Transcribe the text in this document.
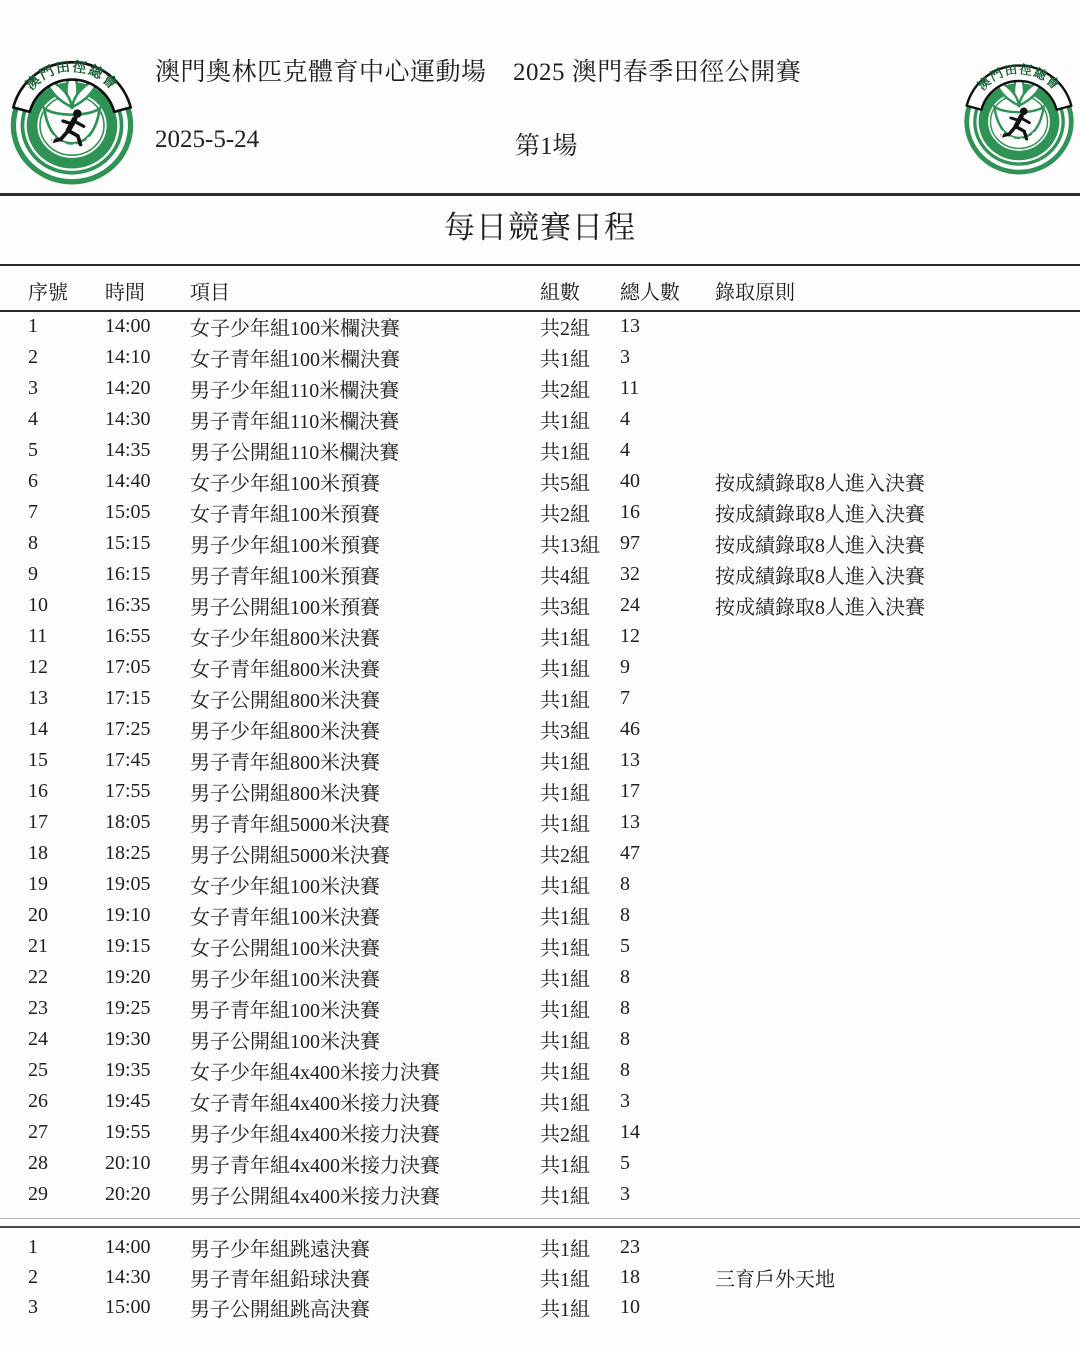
澳門奧林匹克體育中心運動場 2025 澳門春季田徑公開賽
2025-5-24	第1場
每日競賽日程
序號	時間	項目	組數	總人數	錄取原則
1	14:00	女子少年組100米欄決賽	共2組	13
2	14:10	女子青年組100米欄決賽	共1組	3
3	14:20	男子少年組110米欄決賽	共2組	11
4	14:30	男子青年組110米欄決賽	共1組	4
5	14:35	男子公開組110米欄決賽	共1組	4
6	14:40	女子少年組100米預賽	共5組	40	按成績錄取8人進入決賽
7	15:05	女子青年組100米預賽	共2組	16	按成績錄取8人進入決賽
8	15:15	男子少年組100米預賽	共13組	97	按成績錄取8人進入決賽
9	16:15	男子青年組100米預賽	共4組	32	按成績錄取8人進入決賽
10	16:35	男子公開組100米預賽	共3組	24	按成績錄取8人進入決賽
11	16:55	女子少年組800米決賽	共1組	12
12	17:05	女子青年組800米決賽	共1組	9
13	17:15	女子公開組800米決賽	共1組	7
14	17:25	男子少年組800米決賽	共3組	46
15	17:45	男子青年組800米決賽	共1組	13
16	17:55	男子公開組800米決賽	共1組	17
17	18:05	男子青年組5000米決賽	共1組	13
18	18:25	男子公開組5000米決賽	共2組	47
19	19:05	女子少年組100米決賽	共1組	8
20	19:10	女子青年組100米決賽	共1組	8
21	19:15	女子公開組100米決賽	共1組	5
22	19:20	男子少年組100米決賽	共1組	8
23	19:25	男子青年組100米決賽	共1組	8
24	19:30	男子公開組100米決賽	共1組	8
25	19:35	女子少年組4x400米接力決賽	共1組	8
26	19:45	女子青年組4x400米接力決賽	共1組	3
27	19:55	男子少年組4x400米接力決賽	共2組	14
28	20:10	男子青年組4x400米接力決賽	共1組	5
29	20:20	男子公開組4x400米接力決賽	共1組	3
1	14:00	男子少年組跳遠決賽	共1組	23
2	14:30	男子青年組鉛球決賽	共1組	18	三育戶外天地
3	15:00	男子公開組跳高決賽	共1組	10
